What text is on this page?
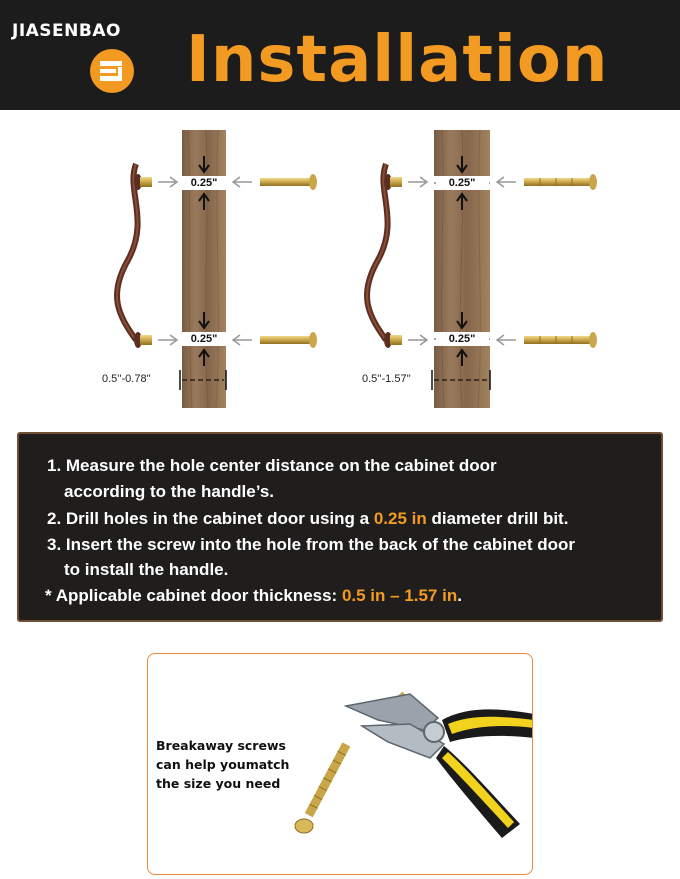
JIASENBAO Installation
0.25"
0.25"
0.5''-0.78''
0.25"
0.25"
0.5''-1.57''
1. Measure the hole center distance on the cabinet door
according to the handle’s.
2. Drill holes in the cabinet door using a 0.25 in diameter drill bit.
3. Insert the screw into the hole from the back of the cabinet door
to install the handle.
* Applicable cabinet door thickness: 0.5 in – 1.57 in.
Breakaway screws
can help youmatch
the size you need
